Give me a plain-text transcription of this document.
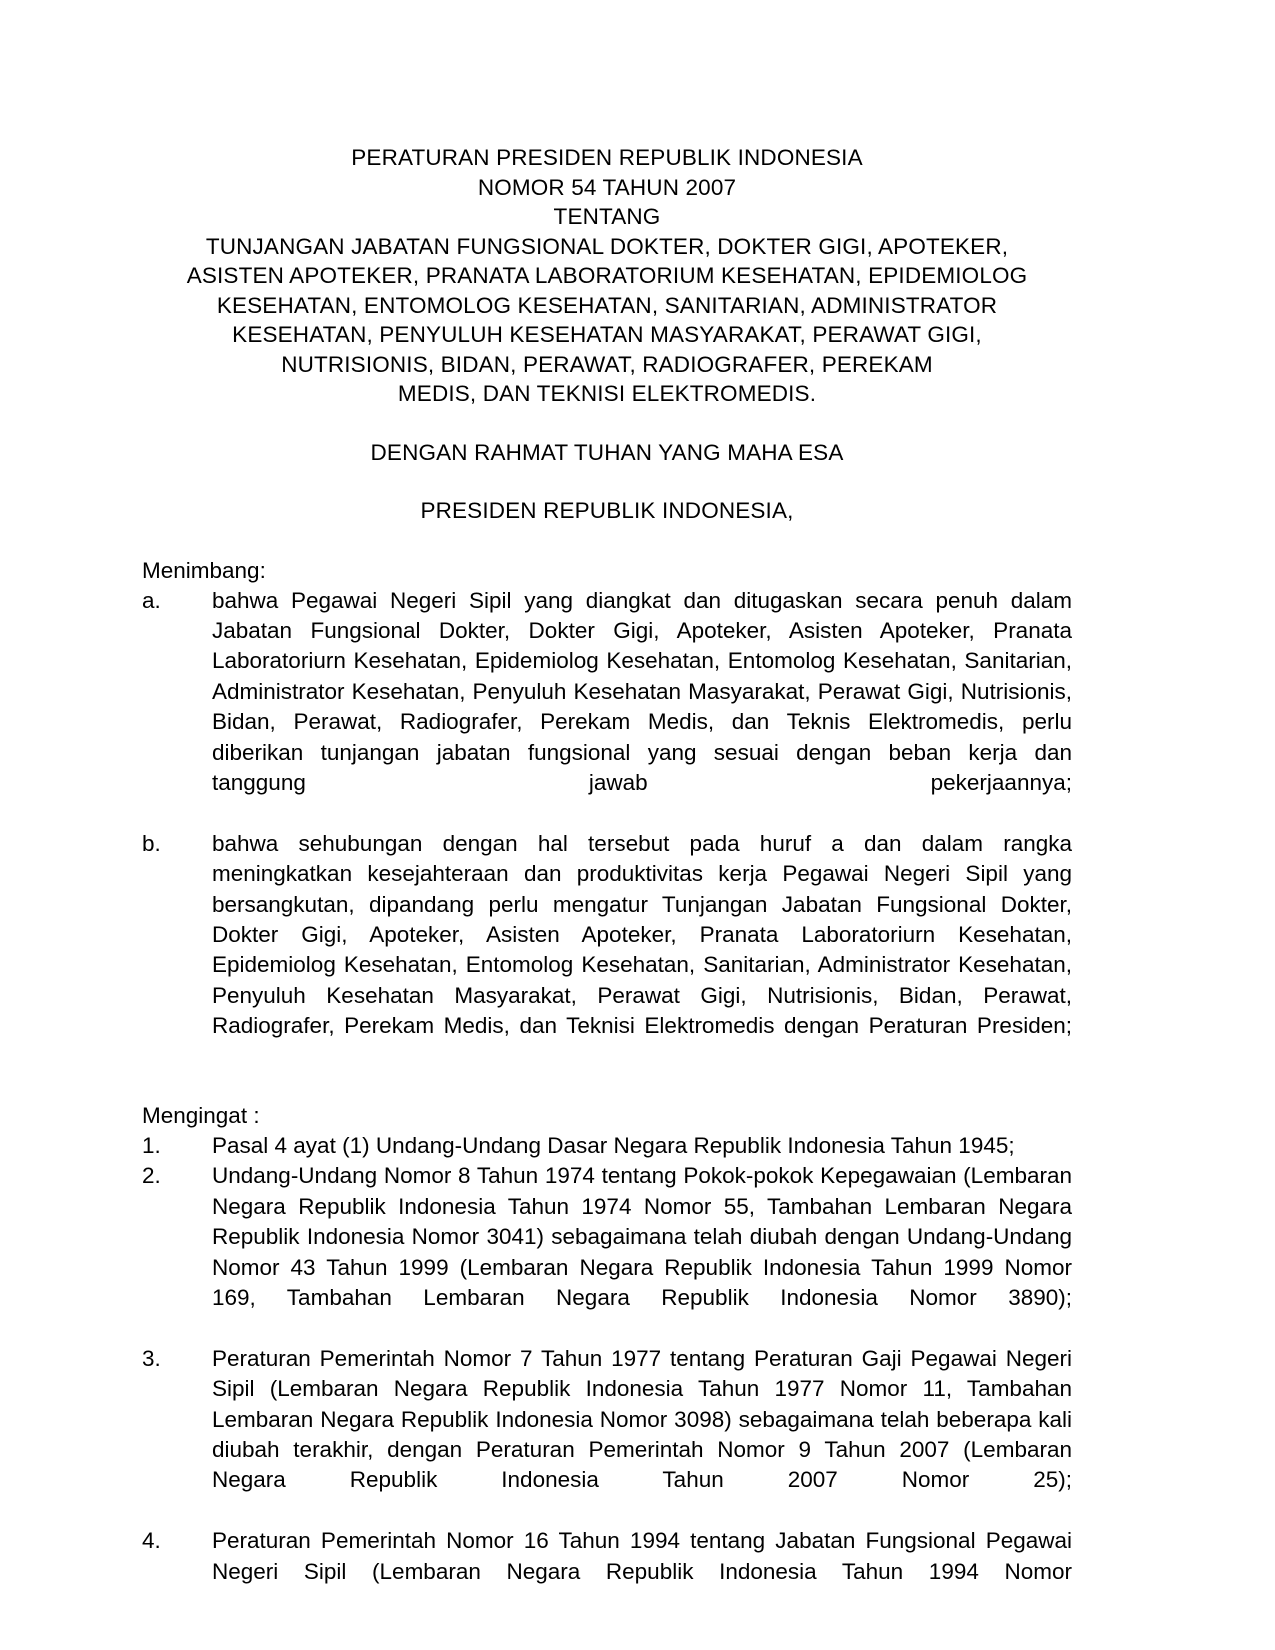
PERATURAN PRESIDEN REPUBLIK INDONESIA
NOMOR 54 TAHUN 2007
TENTANG
TUNJANGAN JABATAN FUNGSIONAL DOKTER, DOKTER GIGI, APOTEKER,
ASISTEN APOTEKER, PRANATA LABORATORIUM KESEHATAN, EPIDEMIOLOG
KESEHATAN, ENTOMOLOG KESEHATAN, SANITARIAN, ADMINISTRATOR
KESEHATAN, PENYULUH KESEHATAN MASYARAKAT, PERAWAT GIGI,
NUTRISIONIS, BIDAN, PERAWAT, RADIOGRAFER, PEREKAM
MEDIS, DAN TEKNISI ELEKTROMEDIS.
DENGAN RAHMAT TUHAN YANG MAHA ESA
PRESIDEN REPUBLIK INDONESIA,
Menimbang:
a.	bahwa Pegawai Negeri Sipil yang diangkat dan ditugaskan secara penuh dalam Jabatan Fungsional Dokter, Dokter Gigi, Apoteker, Asisten Apoteker, Pranata Laboratoriurn Kesehatan, Epidemiolog Kesehatan, Entomolog Kesehatan, Sanitarian, Administrator Kesehatan, Penyuluh Kesehatan Masyarakat, Perawat Gigi, Nutrisionis, Bidan, Perawat, Radiografer, Perekam Medis, dan Teknis Elektromedis, perlu diberikan tunjangan jabatan fungsional yang sesuai dengan beban kerja dan tanggung jawab pekerjaannya;
b.	bahwa sehubungan dengan hal tersebut pada huruf a dan dalam rangka meningkatkan kesejahteraan dan produktivitas kerja Pegawai Negeri Sipil yang bersangkutan, dipandang perlu mengatur Tunjangan Jabatan Fungsional Dokter, Dokter Gigi, Apoteker, Asisten Apoteker, Pranata Laboratoriurn Kesehatan, Epidemiolog Kesehatan, Entomolog Kesehatan, Sanitarian, Administrator Kesehatan, Penyuluh Kesehatan Masyarakat, Perawat Gigi, Nutrisionis, Bidan, Perawat, Radiografer, Perekam Medis, dan Teknisi Elektromedis dengan Peraturan Presiden;
Mengingat :
1.	Pasal 4 ayat (1) Undang-Undang Dasar Negara Republik Indonesia Tahun 1945;
2.	Undang-Undang Nomor 8 Tahun 1974 tentang Pokok-pokok Kepegawaian (Lembaran Negara Republik Indonesia Tahun 1974 Nomor 55, Tambahan Lembaran Negara Republik Indonesia Nomor 3041) sebagaimana telah diubah dengan Undang-Undang Nomor 43 Tahun 1999 (Lembaran Negara Republik Indonesia Tahun 1999 Nomor 169, Tambahan Lembaran Negara Republik Indonesia Nomor 3890);
3.	Peraturan Pemerintah Nomor 7 Tahun 1977 tentang Peraturan Gaji Pegawai Negeri Sipil (Lembaran Negara Republik Indonesia Tahun 1977 Nomor 11, Tambahan Lembaran Negara Republik Indonesia Nomor 3098) sebagaimana telah beberapa kali diubah terakhir, dengan Peraturan Pemerintah Nomor 9 Tahun 2007 (Lembaran Negara Republik Indonesia Tahun 2007 Nomor 25);
4.	Peraturan Pemerintah Nomor 16 Tahun 1994 tentang Jabatan Fungsional Pegawai Negeri Sipil (Lembaran Negara Republik Indonesia Tahun 1994 Nomor
